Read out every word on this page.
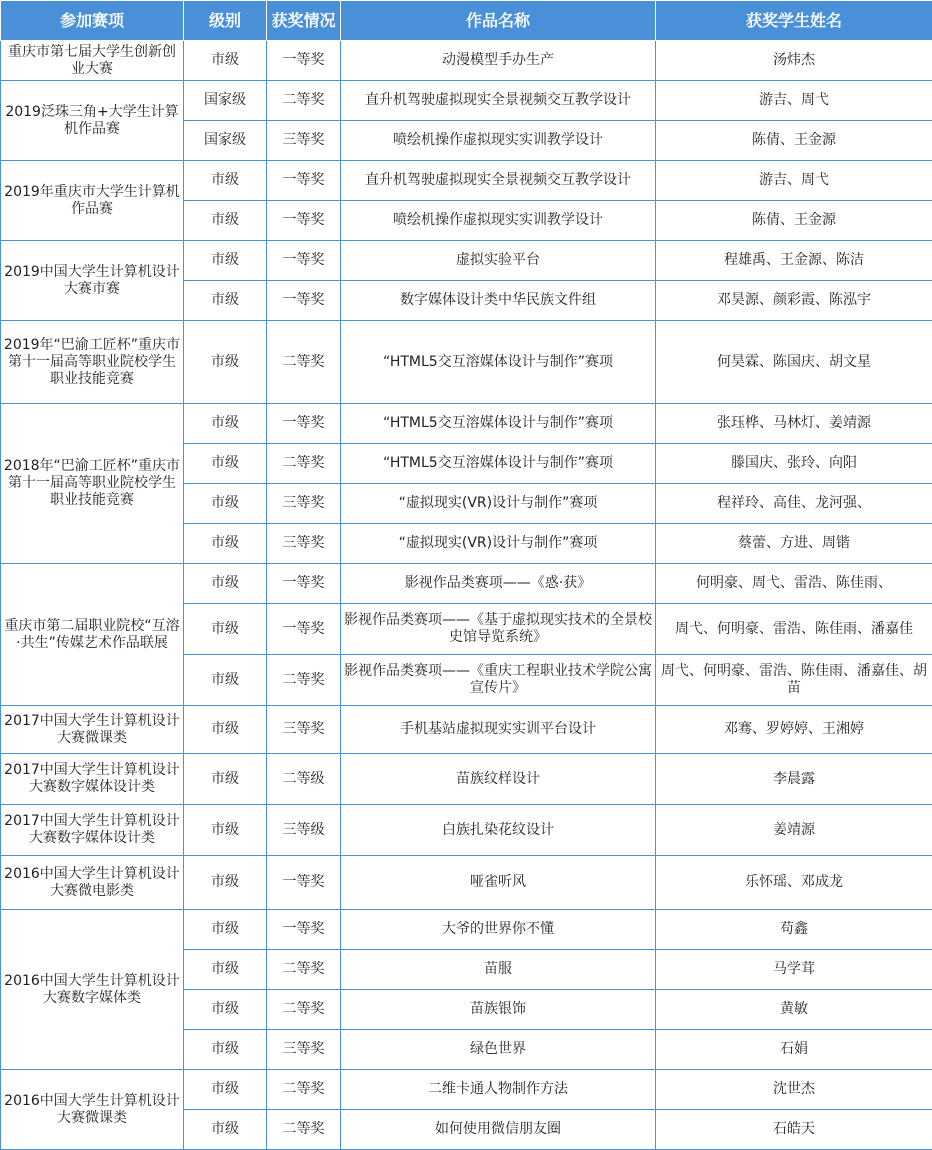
参加赛项	级别	获奖情况	作品名称	获奖学生姓名
重庆市第七届大学生创新创业大赛	市级	一等奖	动漫模型手办生产	汤炜杰
2019泛珠三角+大学生计算机作品赛	国家级	二等奖	直升机驾驶虚拟现实全景视频交互教学设计	游吉、周弋
	国家级	三等奖	喷绘机操作虚拟现实实训教学设计	陈倩、王金源
2019年重庆市大学生计算机作品赛	市级	一等奖	直升机驾驶虚拟现实全景视频交互教学设计	游吉、周弋
	市级	一等奖	喷绘机操作虚拟现实实训教学设计	陈倩、王金源
2019中国大学生计算机设计大赛市赛	市级	一等奖	虚拟实验平台	程雄禹、王金源、陈洁
	市级	一等奖	数字媒体设计类中华民族文件组	邓昊源、颜彩霞、陈泓宇
2019年“巴渝工匠杯”重庆市第十一届高等职业院校学生职业技能竞赛	市级	二等奖	“HTML5交互溶媒体设计与制作”赛项	何昊霖、陈国庆、胡文星
2018年“巴渝工匠杯”重庆市第十一届高等职业院校学生职业技能竞赛	市级	一等奖	“HTML5交互溶媒体设计与制作”赛项	张珏桦、马林灯、姜靖源
	市级	二等奖	“HTML5交互溶媒体设计与制作”赛项	滕国庆、张玲、向阳
	市级	三等奖	“虚拟现实(VR)设计与制作”赛项	程祥玲、高佳、龙河强、
	市级	三等奖	“虚拟现实(VR)设计与制作”赛项	蔡蕾、方进、周锴
重庆市第二届职业院校“互溶·共生”传媒艺术作品联展	市级	一等奖	影视作品类赛项——《惑·获》	何明豪、周弋、雷浩、陈佳雨、
	市级	一等奖	影视作品类赛项——《基于虚拟现实技术的全景校史馆导览系统》	周弋、何明豪、雷浩、陈佳雨、潘嘉佳
	市级	二等奖	影视作品类赛项——《重庆工程职业技术学院公寓宣传片》	周弋、何明豪、雷浩、陈佳雨、潘嘉佳、胡苗
2017中国大学生计算机设计大赛微课类	市级	三等奖	手机基站虚拟现实实训平台设计	邓骞、罗婷婷、王湘婷
2017中国大学生计算机设计大赛数字媒体设计类	市级	二等级	苗族纹样设计	李晨露
2017中国大学生计算机设计大赛数字媒体设计类	市级	三等级	白族扎染花纹设计	姜靖源
2016中国大学生计算机设计大赛微电影类	市级	一等奖	哑雀听风	乐怀瑶、邓成龙
2016中国大学生计算机设计大赛数字媒体类	市级	一等奖	大爷的世界你不懂	苟鑫
	市级	二等奖	苗服	马学茸
	市级	二等奖	苗族银饰	黄敏
	市级	三等奖	绿色世界	石娟
2016中国大学生计算机设计大赛微课类	市级	二等奖	二维卡通人物制作方法	沈世杰
	市级	二等奖	如何使用微信朋友圈	石皓天
